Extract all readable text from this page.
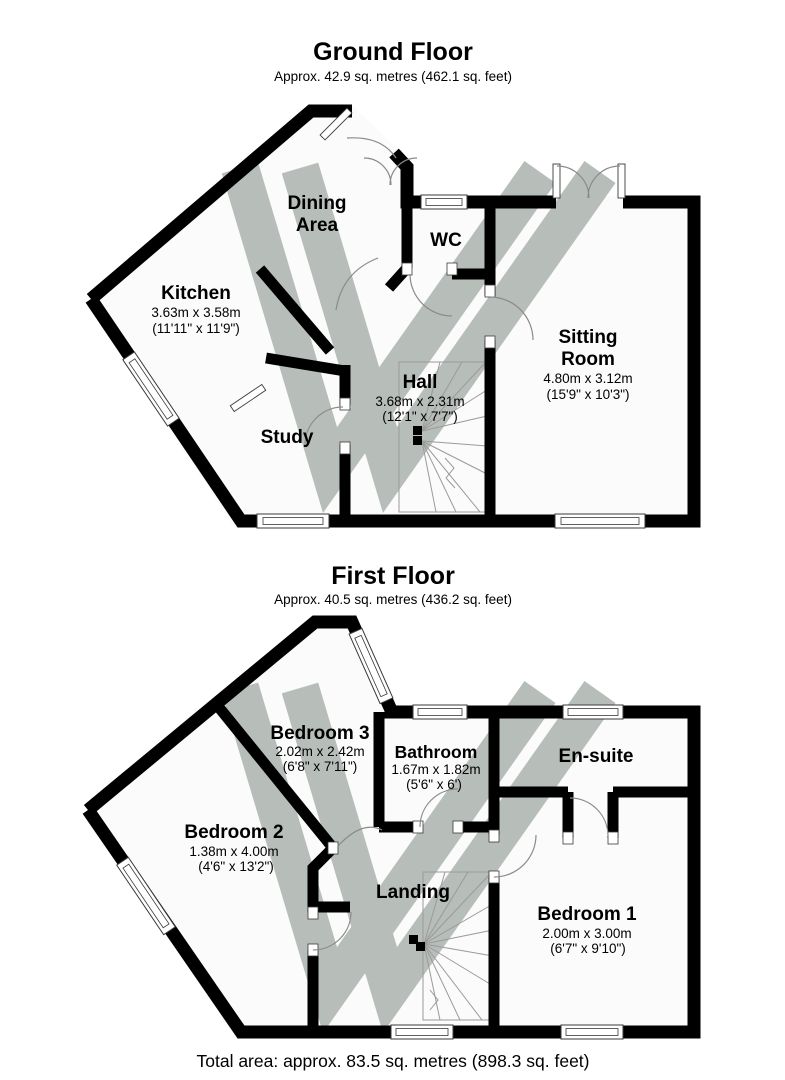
Ground Floor
Approx. 42.9 sq. metres (462.1 sq. feet)
Dining
Area
WC
Kitchen
3.63m x 3.58m
(11'11" x 11'9")	Sitting
Room
4.80m x 3.12m
(15'9" x 10'3")
Hall
3.68m x 2.31m
(12'1" x 7'7")
Study
First Floor
Approx. 40.5 sq. metres (436.2 sq. feet)
Bedroom 3
2.02m x 2.42m
(6'8" x 7'11")
Bathroom
1.67m x 1.82m
(5'6" x 6')
En-suite
Bedroom 2
1.38m x 4.00m
(4'6" x 13'2")
Landing
Bedroom 1
2.00m x 3.00m
(6'7" x 9'10")
Total area: approx. 83.5 sq. metres (898.3 sq. feet)
